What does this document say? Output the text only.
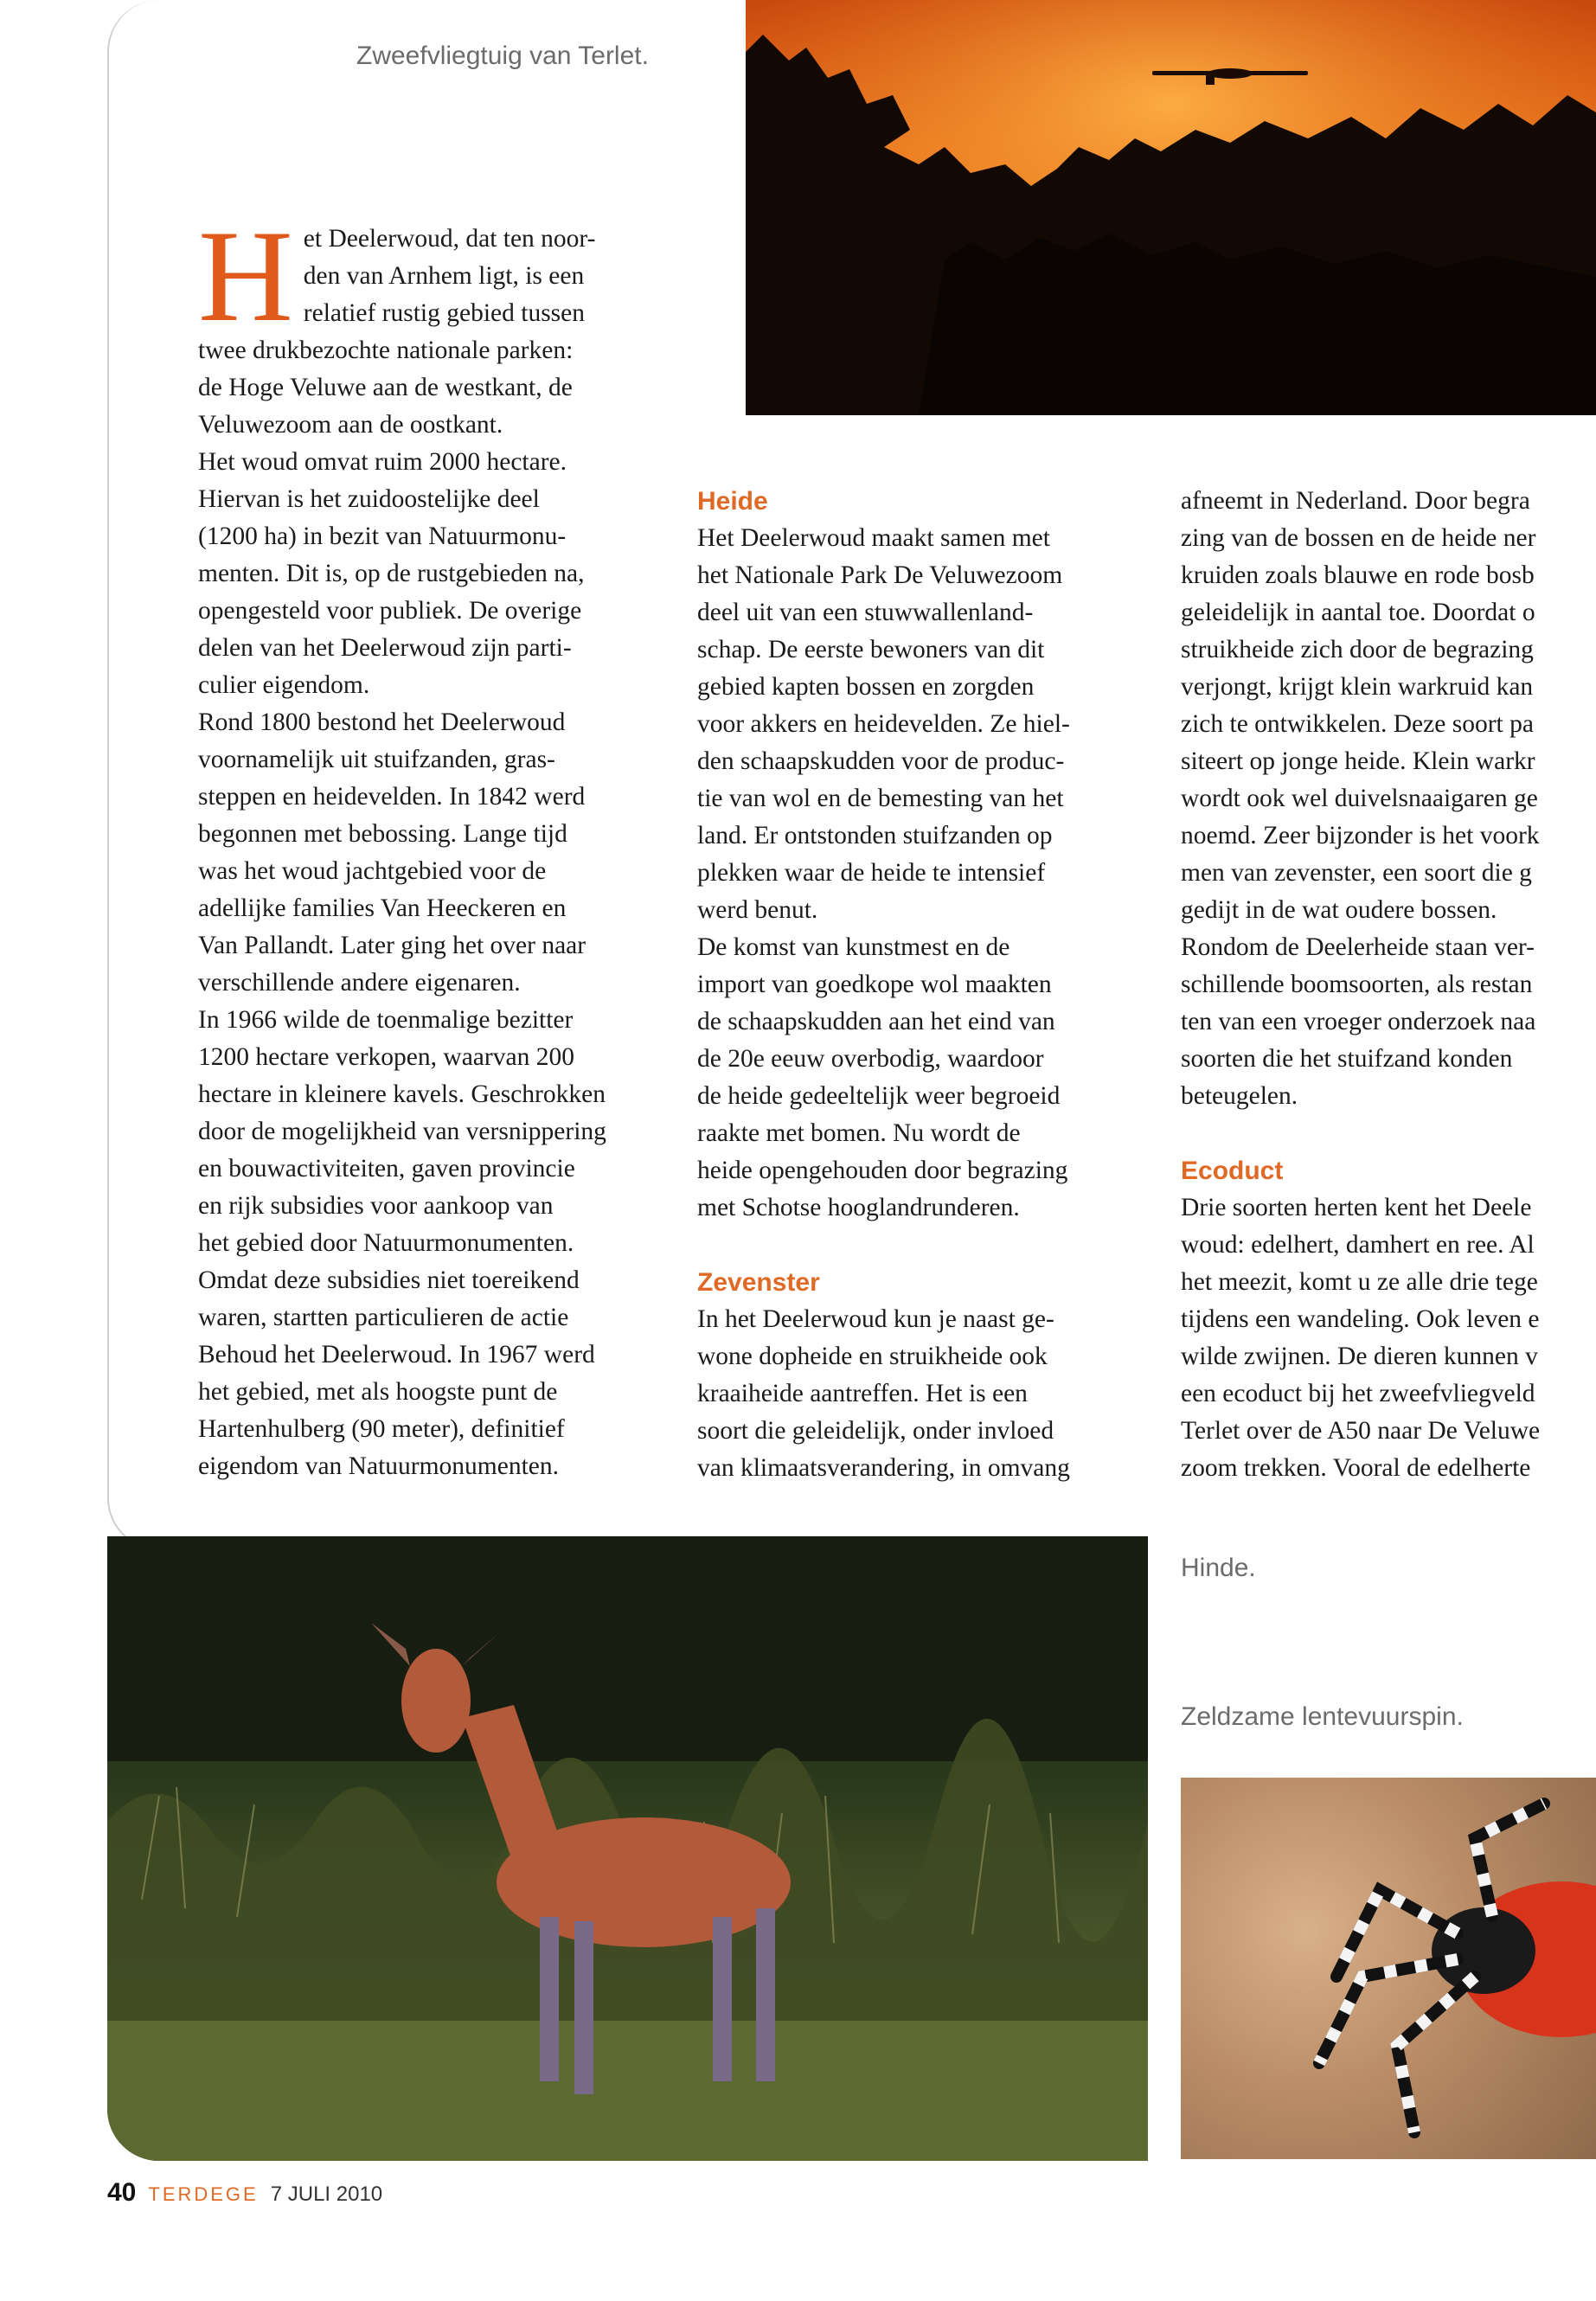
Zweefvliegtuig van Terlet.
H et Deelerwoud, dat ten noor-

den van Arnhem ligt, is een

relatief rustig gebied tussen

twee drukbezochte nationale parken:

de Hoge Veluwe aan de westkant, de

Veluwezoom aan de oostkant.

Het woud omvat ruim 2000 hectare.

Hiervan is het zuidoostelijke deel

(1200 ha) in bezit van Natuurmonu-

menten. Dit is, op de rustgebieden na,

opengesteld voor publiek. De overige

delen van het Deelerwoud zijn parti-

culier eigendom.

Rond 1800 bestond het Deelerwoud

voornamelijk uit stuifzanden, gras-

steppen en heidevelden. In 1842 werd

begonnen met bebossing. Lange tijd

was het woud jachtgebied voor de

adellijke families Van Heeckeren en

Van Pallandt. Later ging het over naar

verschillende andere eigenaren.

In 1966 wilde de toenmalige bezitter

1200 hectare verkopen, waarvan 200

hectare in kleinere kavels. Geschrokken

door de mogelijkheid van versnippering

en bouwactiviteiten, gaven provincie

en rijk subsidies voor aankoop van

het gebied door Natuurmonumenten.

Omdat deze subsidies niet toereikend

waren, startten particulieren de actie

Behoud het Deelerwoud. In 1967 werd

het gebied, met als hoogste punt de

Hartenhulberg (90 meter), definitief

eigendom van Natuurmonumenten.

Heide

Het Deelerwoud maakt samen met

het Nationale Park De Veluwezoom

deel uit van een stuwwallenland-

schap. De eerste bewoners van dit

gebied kapten bossen en zorgden

voor akkers en heidevelden. Ze hiel-

den schaapskudden voor de produc-

tie van wol en de bemesting van het

land. Er ontstonden stuifzanden op

plekken waar de heide te intensief

werd benut.

De komst van kunstmest en de

import van goedkope wol maakten

de schaapskudden aan het eind van

de 20e eeuw overbodig, waardoor

de heide gedeeltelijk weer begroeid

raakte met bomen. Nu wordt de

heide opengehouden door begrazing

met Schotse hooglandrunderen.

Zevenster

In het Deelerwoud kun je naast ge-

wone dopheide en struikheide ook

kraaiheide aantreffen. Het is een

soort die geleidelijk, onder invloed

van klimaatsverandering, in omvang

afneemt in Nederland. Door begra

zing van de bossen en de heide ner

kruiden zoals blauwe en rode bosb

geleidelijk in aantal toe. Doordat o

struikheide zich door de begrazing

verjongt, krijgt klein warkruid kan

zich te ontwikkelen. Deze soort pa

siteert op jonge heide. Klein warkr

wordt ook wel duivelsnaaigaren ge

noemd. Zeer bijzonder is het voork

men van zevenster, een soort die g

gedijt in de wat oudere bossen.

Rondom de Deelerheide staan ver-

schillende boomsoorten, als restan

ten van een vroeger onderzoek naa

soorten die het stuifzand konden

beteugelen.

Ecoduct

Drie soorten herten kent het Deele

woud: edelhert, damhert en ree. Al

het meezit, komt u ze alle drie tege

tijdens een wandeling. Ook leven e

wilde zwijnen. De dieren kunnen v

een ecoduct bij het zweefvliegveld

Terlet over de A50 naar De Veluwe

zoom trekken. Vooral de edelherte

Hinde.
Zeldzame lentevuurspin.
40 TERDEGE 7 JULI 2010
